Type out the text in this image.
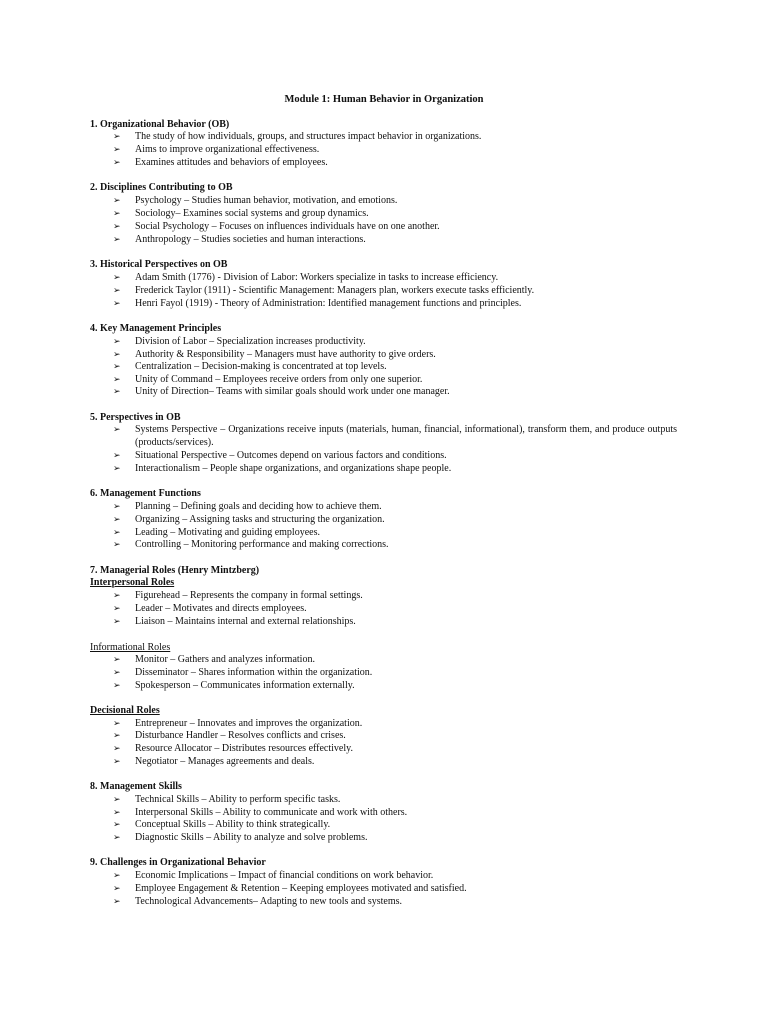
Module 1: Human Behavior in Organization
1. Organizational Behavior (OB)
➢ The study of how individuals, groups, and structures impact behavior in organizations.
➢ Aims to improve organizational effectiveness.
➢ Examines attitudes and behaviors of employees.
2. Disciplines Contributing to OB
➢ Psychology – Studies human behavior, motivation, and emotions.
➢ Sociology– Examines social systems and group dynamics.
➢ Social Psychology – Focuses on influences individuals have on one another.
➢ Anthropology – Studies societies and human interactions.
3. Historical Perspectives on OB
➢ Adam Smith (1776) - Division of Labor: Workers specialize in tasks to increase efficiency.
➢ Frederick Taylor (1911) - Scientific Management: Managers plan, workers execute tasks efficiently.
➢ Henri Fayol (1919) - Theory of Administration: Identified management functions and principles.
4. Key Management Principles
➢ Division of Labor – Specialization increases productivity.
➢ Authority & Responsibility – Managers must have authority to give orders.
➢ Centralization – Decision-making is concentrated at top levels.
➢ Unity of Command – Employees receive orders from only one superior.
➢ Unity of Direction– Teams with similar goals should work under one manager.
5. Perspectives in OB
➢ Systems Perspective – Organizations receive inputs (materials, human, financial, informational), transform them, and produce outputs (products/services).
➢ Situational Perspective – Outcomes depend on various factors and conditions.
➢ Interactionalism – People shape organizations, and organizations shape people.
6. Management Functions
➢ Planning – Defining goals and deciding how to achieve them.
➢ Organizing – Assigning tasks and structuring the organization.
➢ Leading – Motivating and guiding employees.
➢ Controlling – Monitoring performance and making corrections.
7. Managerial Roles (Henry Mintzberg)
Interpersonal Roles
➢ Figurehead – Represents the company in formal settings.
➢ Leader – Motivates and directs employees.
➢ Liaison – Maintains internal and external relationships.
Informational Roles
➢ Monitor – Gathers and analyzes information.
➢ Disseminator – Shares information within the organization.
➢ Spokesperson – Communicates information externally.
Decisional Roles
➢ Entrepreneur – Innovates and improves the organization.
➢ Disturbance Handler – Resolves conflicts and crises.
➢ Resource Allocator – Distributes resources effectively.
➢ Negotiator – Manages agreements and deals.
8. Management Skills
➢ Technical Skills – Ability to perform specific tasks.
➢ Interpersonal Skills – Ability to communicate and work with others.
➢ Conceptual Skills – Ability to think strategically.
➢ Diagnostic Skills – Ability to analyze and solve problems.
9. Challenges in Organizational Behavior
➢ Economic Implications – Impact of financial conditions on work behavior.
➢ Employee Engagement & Retention – Keeping employees motivated and satisfied.
➢ Technological Advancements– Adapting to new tools and systems.
